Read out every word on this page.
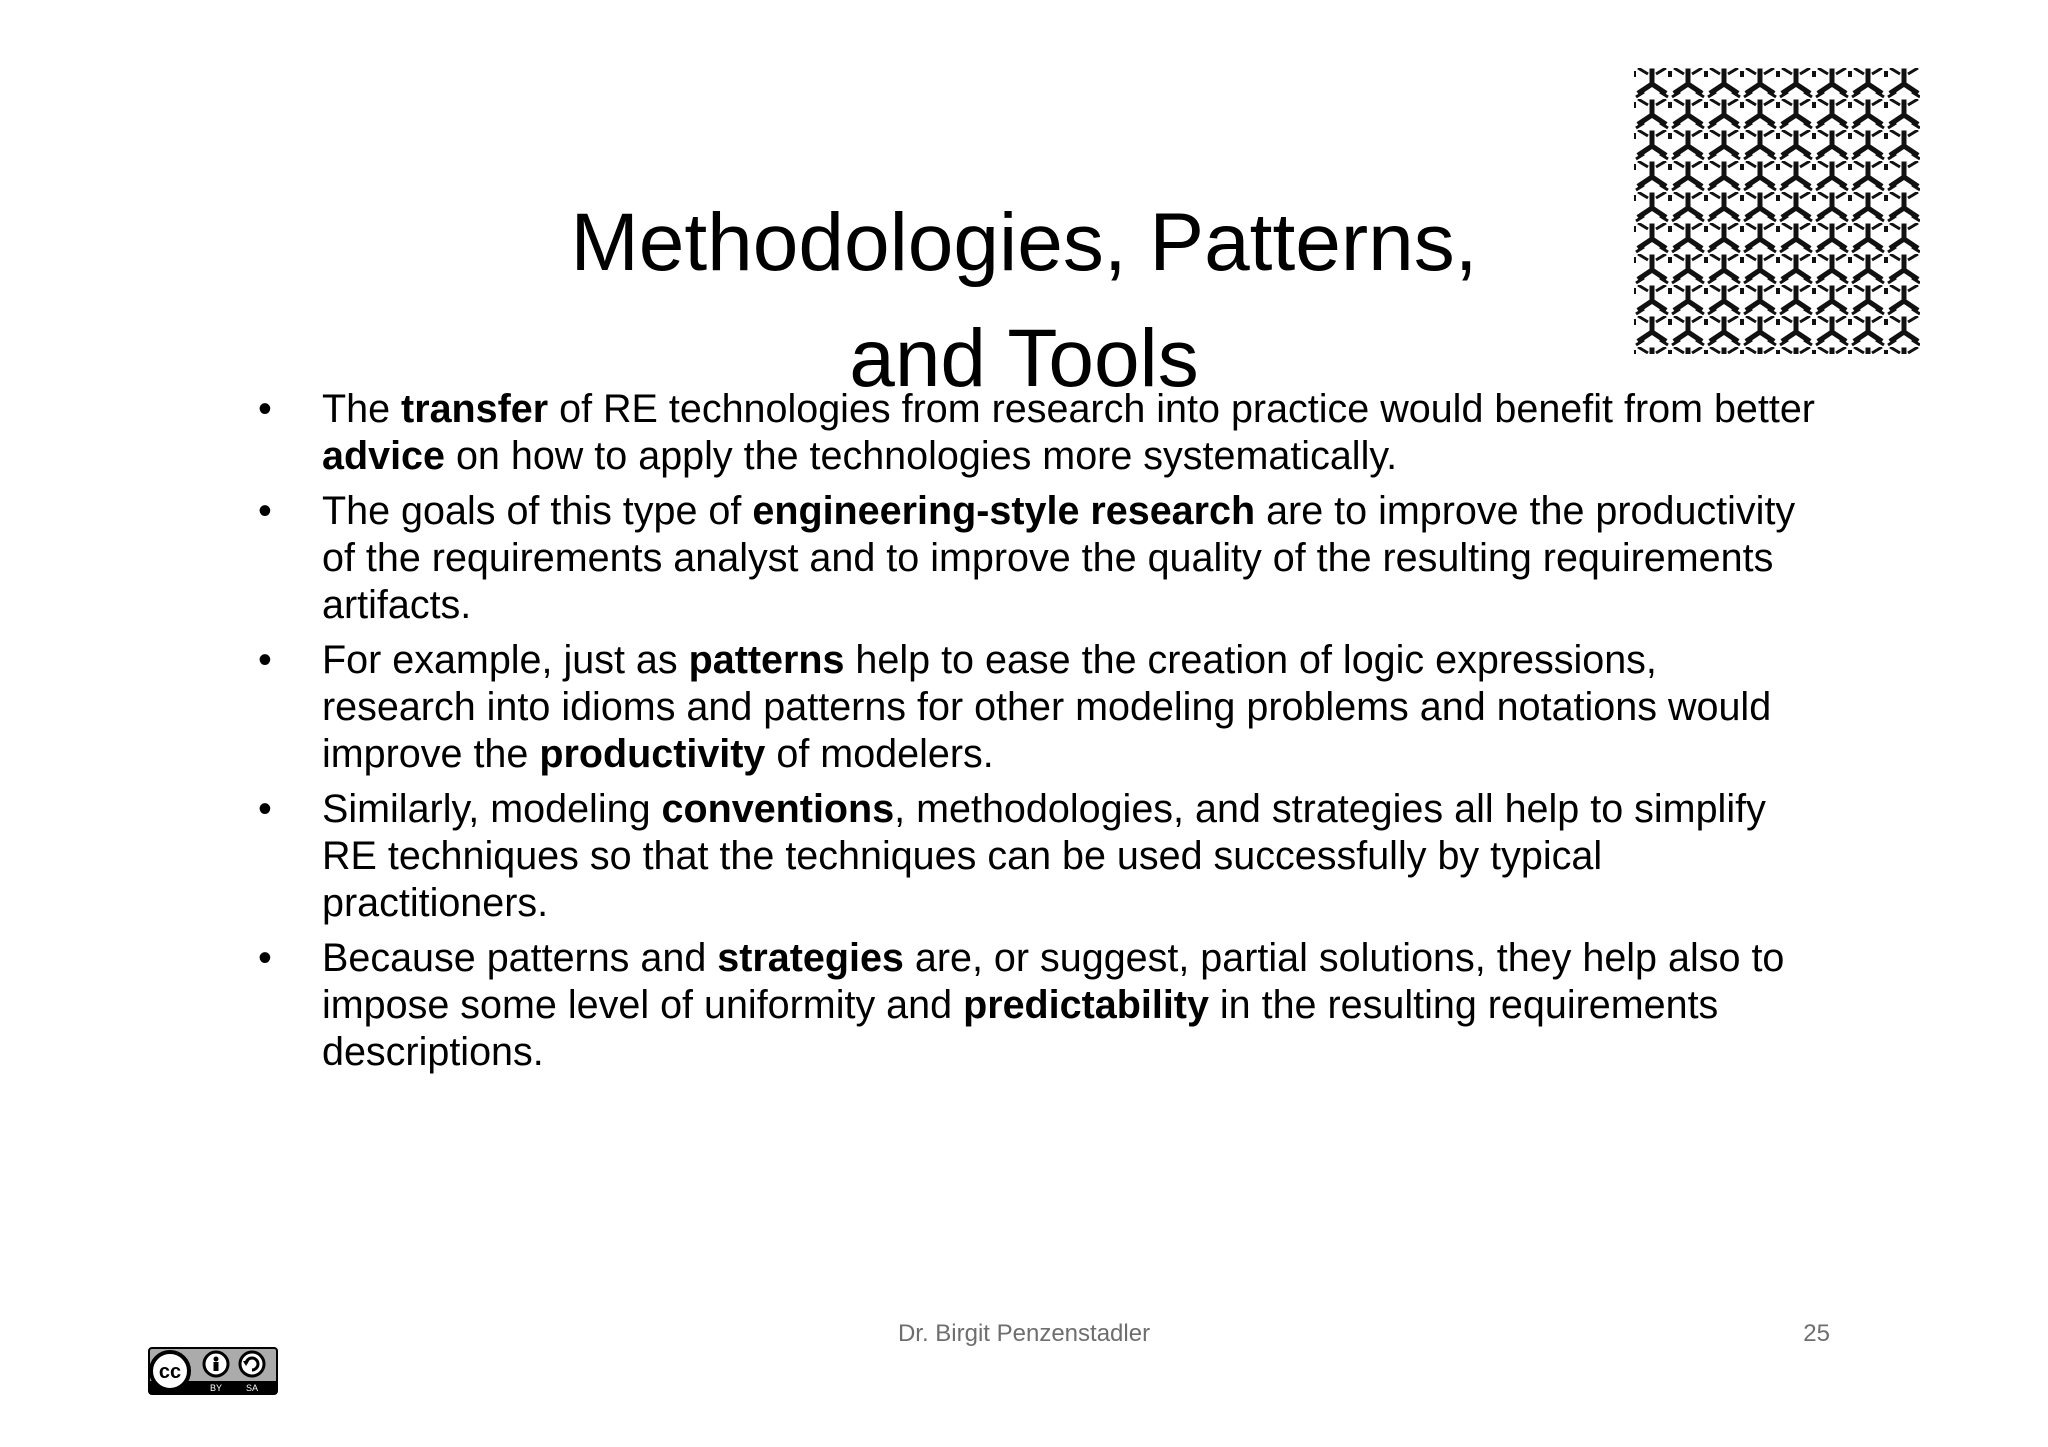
Methodologies, Patterns,
and Tools
•	The transfer of RE technologies from research into practice would benefit from better advice on how to apply the technologies more systematically.
•	The goals of this type of engineering-style research are to improve the productivity of the requirements analyst and to improve the quality of the resulting requirements artifacts.
•	For example, just as patterns help to ease the creation of logic expressions, research into idioms and patterns for other modeling problems and notations would improve the productivity of modelers.
•	Similarly, modeling conventions, methodologies, and strategies all help to simplify RE techniques so that the techniques can be used successfully by typical practitioners.
•	Because patterns and strategies are, or suggest, partial solutions, they help also to impose some level of uniformity and predictability in the resulting requirements descriptions.
Dr. Birgit Penzenstadler	25
cc
BY	SA
